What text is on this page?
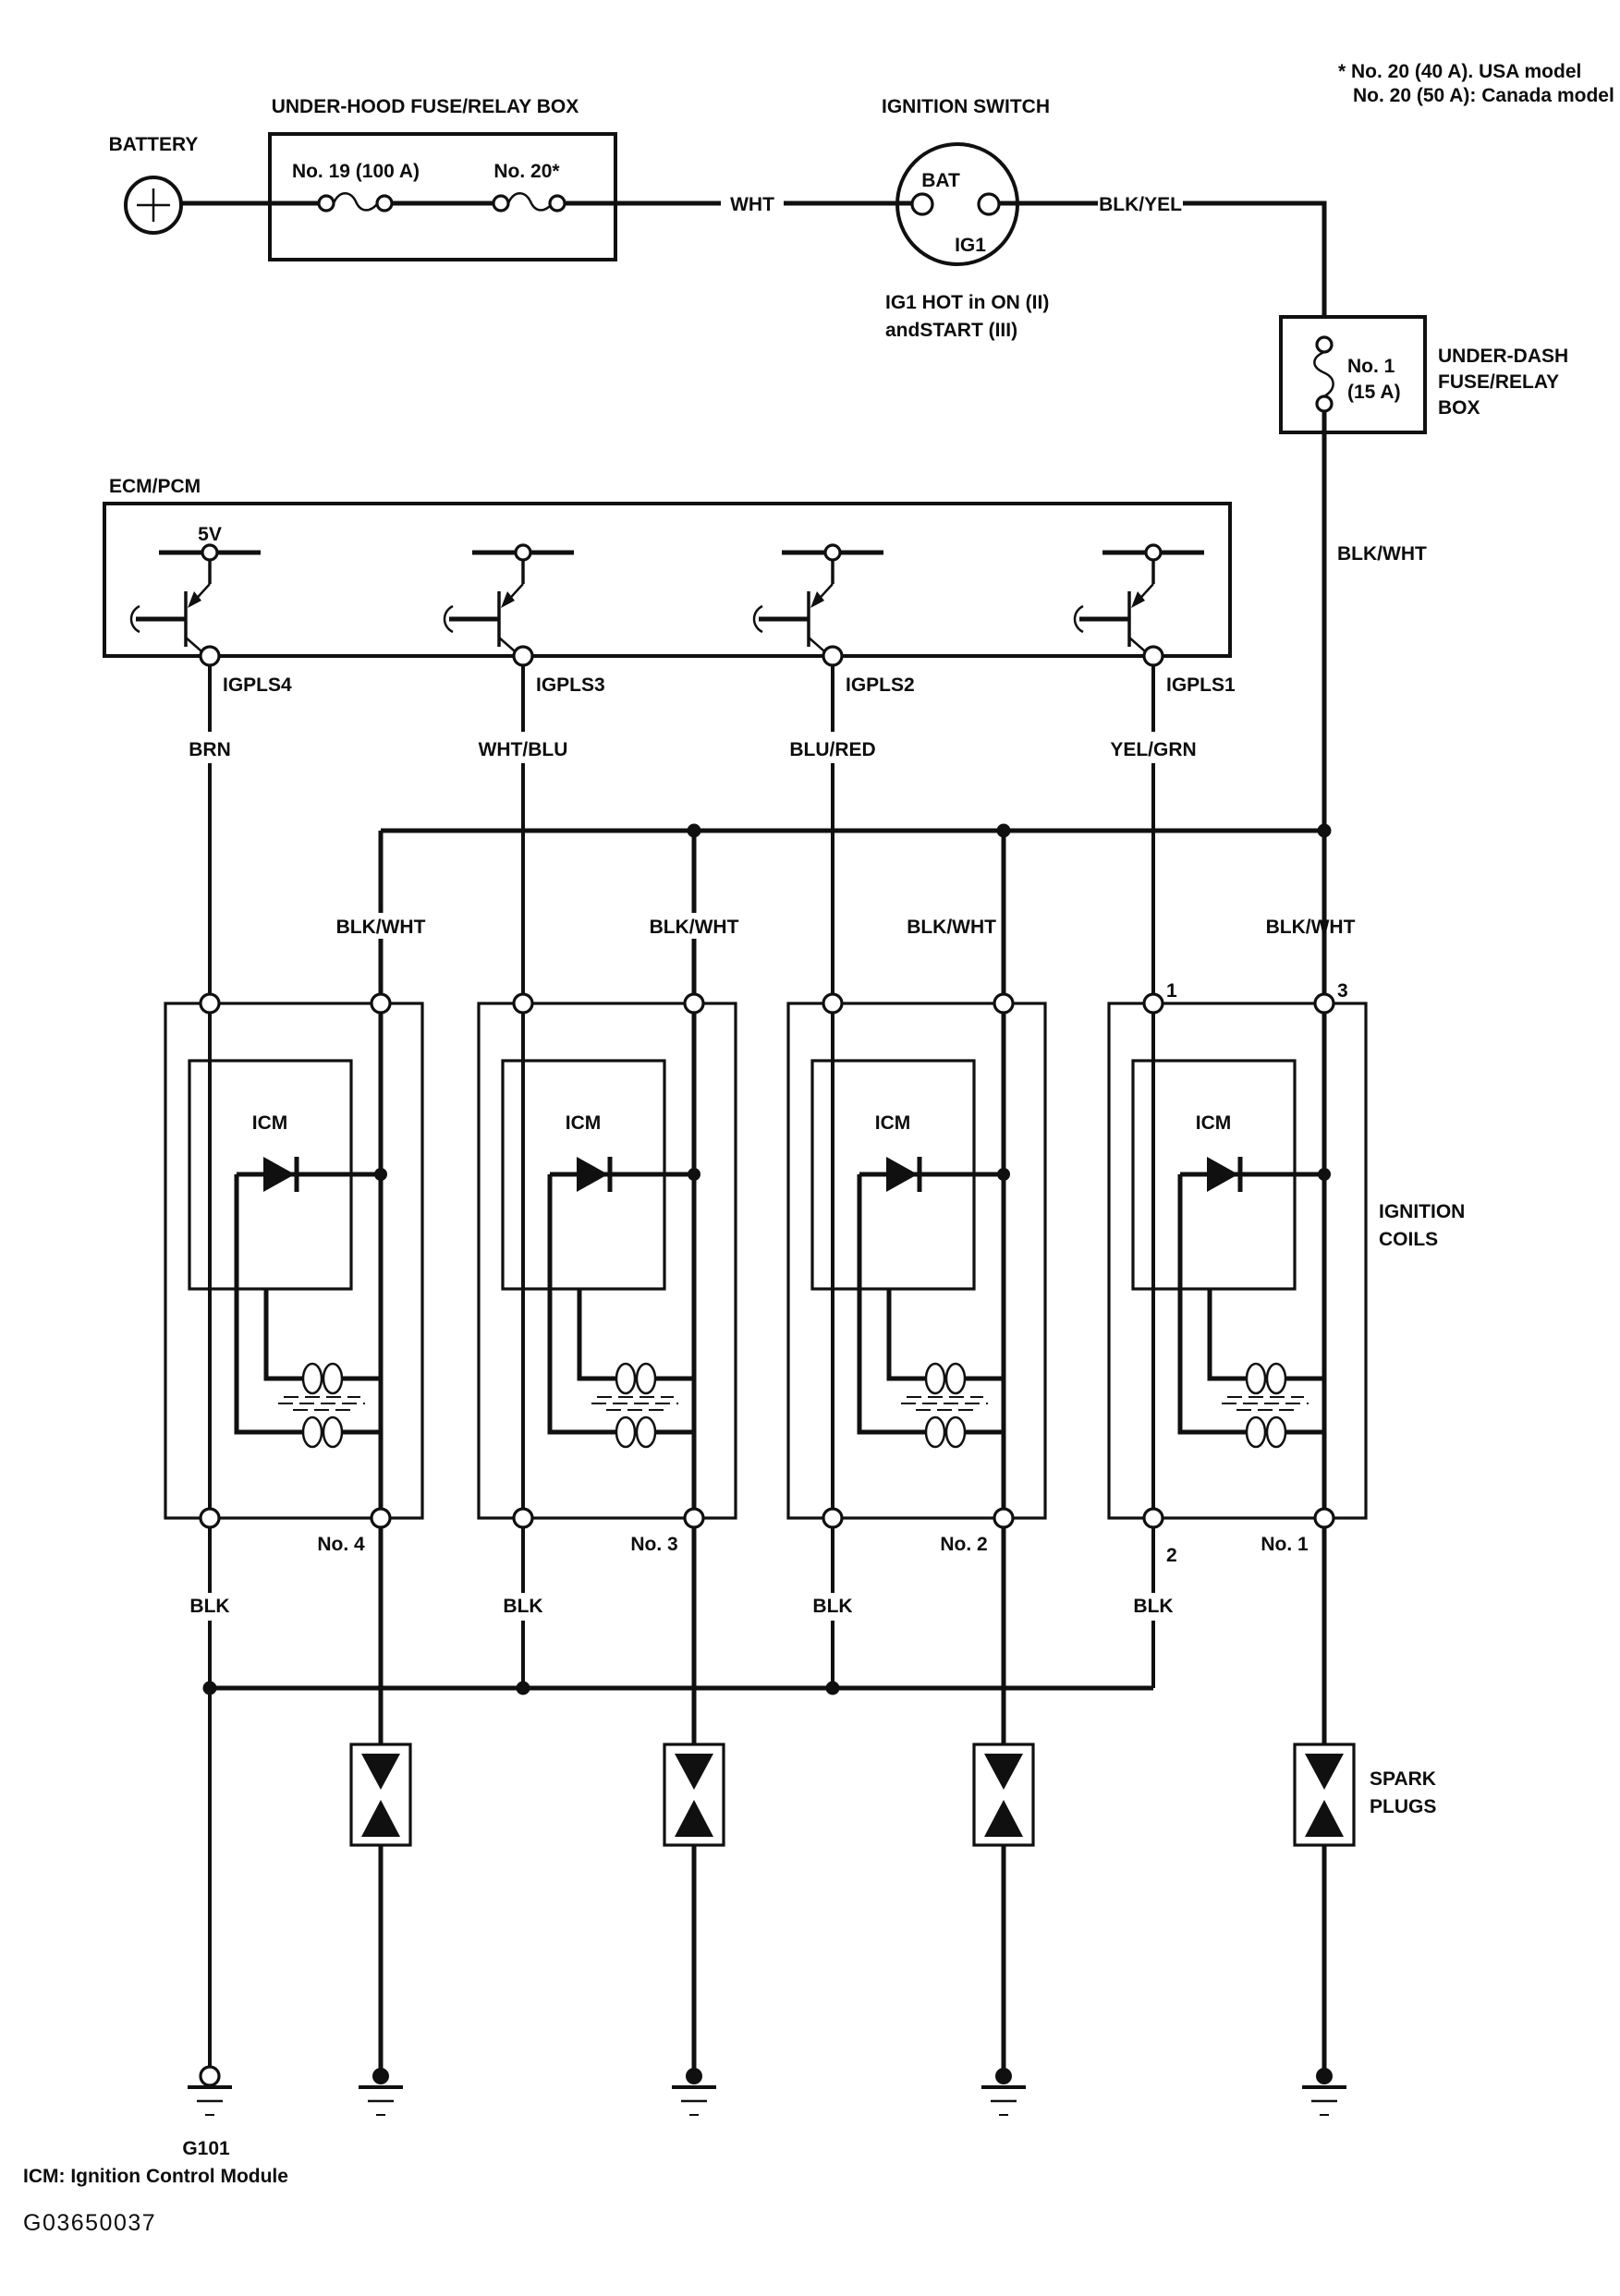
BATTERY
UNDER-HOOD FUSE/RELAY BOX
No. 19 (100 A)	No. 20*
WHT	BLK/YEL
IGNITION SWITCH
BAT
IG1
IG1 HOT in ON (II)
andSTART (III)
* No. 20 (40 A). USA model
No. 20 (50 A): Canada model
No. 1
(15 A)
UNDER-DASH
FUSE/RELAY
BOX
BLK/WHT
ECM/PCM
5V
IGPLS4	IGPLS3	IGPLS2	IGPLS1
BRN	WHT/BLU	BLU/RED	YEL/GRN
BLK/WHT	BLK/WHT	BLK/WHT	BLK/WHT
ICM
No. 4
ICM
No. 3
ICM
No. 2
ICM
1	3
2
No. 1
IGNITION
COILS
BLK	BLK	BLK	BLK
SPARK
PLUGS
G101
ICM: Ignition Control Module
G03650037
